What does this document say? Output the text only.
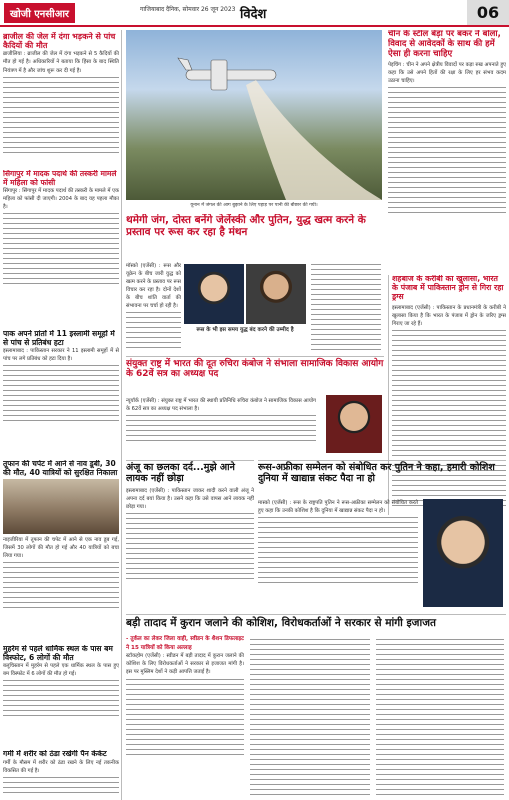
खोजी एनसीआर	गाजियाबाद दैनिक, सोमवार 26 जून 2023 विदेश	06
ब्राजील की जेल में दंगा भड़कने से पांच कैदियों की मौत

ब्राजीलिया : ब्राजील की जेल में दंगा भड़कने से 5 कैदियों की मौत हो गई है। अधिकारियों ने बताया कि हिंसा के बाद स्थिति नियंत्रण में है और जांच शुरू कर दी गई है।

सिंगापुर में मादक पदार्थ की तस्करी मामले में महिला को फांसी

सिंगापुर : सिंगापुर में मादक पदार्थ की तस्करी के मामले में एक महिला को फांसी दी जाएगी। 2004 के बाद यह पहला मौका है।

पाक अपने प्रांतों में 11 इस्लामी समूहों में से पांच से प्रतिबंध हटा

इस्लामाबाद : पाकिस्तान सरकार ने 11 इस्लामी समूहों में से पांच पर लगे प्रतिबंध को हटा दिया है।

तूफान की चपेट में आने से नाव डूबी, 30 की मौत, 40 यात्रियों को सुरक्षित निकाला

नाइजीरिया में तूफान की चपेट में आने से एक नाव डूब गई, जिसमें 30 लोगों की मौत हो गई और 40 यात्रियों को बचा लिया गया।

मुहर्रम से पहले धार्मिक स्थल के पास बम विस्फोट, 6 लोगों की मौत

बलूचिस्तान में मुहर्रम से पहले एक धार्मिक स्थल के पास हुए बम विस्फोट में 6 लोगों की मौत हो गई।

गर्मी में शरीर को ठंडा रखेगी पैन केकेट

गर्मी के मौसम में शरीर को ठंडा रखने के लिए नई तकनीक विकसित की गई है।

यूनान में जंगल की आग बुझाने के लिए पहाड़ पर पानी की बौछार की गयी।
चीन के स्टील बेड़ा पर बंकर ने बोला, विवाद से आवेदकों के साथ की हमें ऐसा ही करना चाहिए

पेइचिंग : चीन ने अपने क्षेत्रीय विवादों पर कड़ा रुख अपनाते हुए कहा कि उसे अपने हितों की रक्षा के लिए हर संभव कदम उठाना चाहिए।

थमेगी जंग, दोस्त बनेंगे जेलेंस्की और पुतिन, युद्ध खत्म करने के प्रस्ताव पर रूस कर रहा है मंथन

मॉस्को (एजेंसी) : रूस और यूक्रेन के बीच जारी युद्ध को खत्म करने के प्रस्ताव पर रूस विचार कर रहा है। दोनों देशों के बीच शांति वार्ता की संभावना पर चर्चा हो रही है।

रूस के भी इस समय युद्ध बंद करने की उम्मीद है
शहबाज के करीबी का खुलासा, भारत के पंजाब में पाकिस्तान ड्रोन से गिरा रहा ड्रग्स

इस्लामाबाद (एजेंसी) : पाकिस्तान के प्रधानमंत्री के करीबी ने खुलासा किया है कि भारत के पंजाब में ड्रोन के जरिए ड्रग्स गिराए जा रहे हैं।

संयुक्त राष्ट्र में भारत की दूत रुचिरा कंबोज ने संभाला सामाजिक विकास आयोग के 62वें सत्र का अध्यक्ष पद

न्यूयॉर्क (एजेंसी) : संयुक्त राष्ट्र में भारत की स्थायी प्रतिनिधि रुचिरा कंबोज ने सामाजिक विकास आयोग के 62वें सत्र का अध्यक्ष पद संभाला है।

अंजू का छलका दर्द...मुझे आने लायक नहीं छोड़ा

इस्लामाबाद (एजेंसी) : पाकिस्तान जाकर शादी करने वाली अंजू ने अपना दर्द बयां किया है। उसने कहा कि उसे वापस आने लायक नहीं छोड़ा गया।

रूस-अफ्रीका सम्मेलन को संबोधित कर पुतिन ने कहा, हमारी कोशिश दुनिया में खाद्यान्न संकट पैदा ना हो

मास्को (एजेंसी) : रूस के राष्ट्रपति पुतिन ने रूस-अफ्रीका सम्मेलन को संबोधित करते हुए कहा कि उनकी कोशिश है कि दुनिया में खाद्यान्न संकट पैदा न हो।

बड़ी तादाद में कुरान जलाने की कोशिश, विरोधकर्ताओं ने सरकार से मांगी इजाजत

- तुर्कल का लेकर जिला वाही, स्वीडन के शैशन डिफलाइट ने 15 यात्रियों को किया अल्लाह

स्टॉकहोम (एजेंसी) : स्वीडन में बड़ी तादाद में कुरान जलाने की कोशिश के लिए विरोधकर्ताओं ने सरकार से इजाजत मांगी है। इस पर मुस्लिम देशों ने कड़ी आपत्ति जताई है।
